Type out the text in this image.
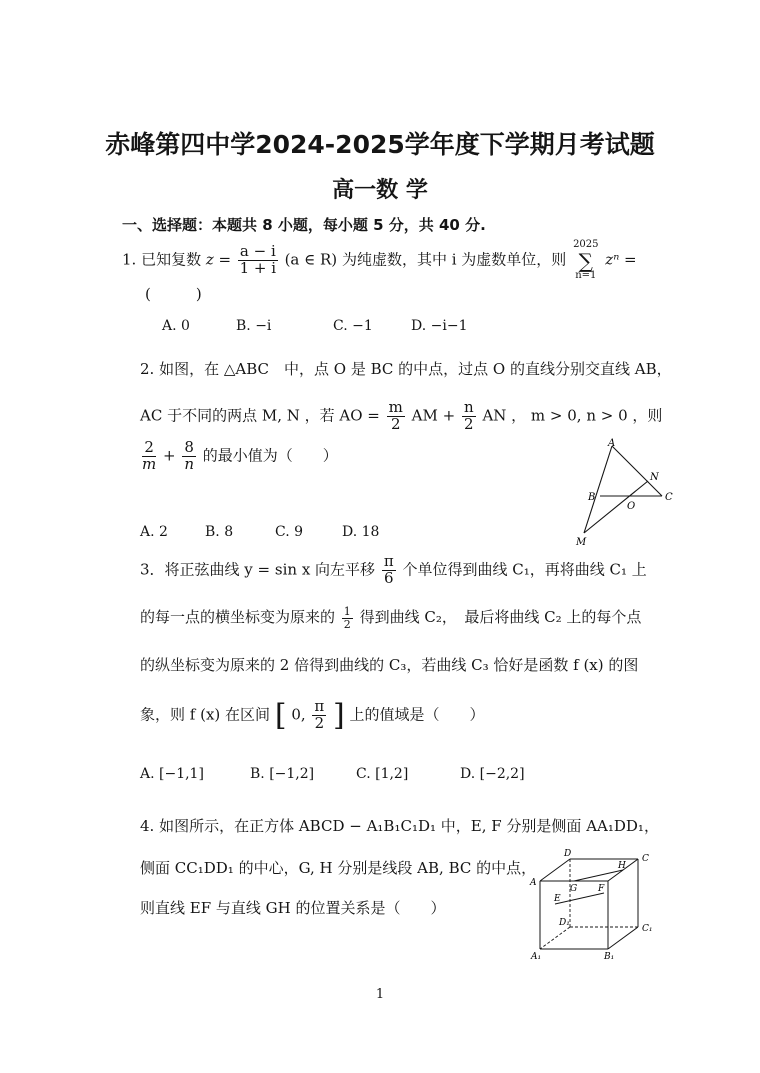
赤峰第四中学2024-2025学年度下学期月考试题
高一数 学
一、选择题：本题共 8 小题，每小题 5 分，共 40 分.
1. 已知复数 $z = \frac{a - i}{1 + i} (a$ ∈ R) 为纯虚数，其中 i 为虚数单位，则
2025
∑
n=1
zⁿ =
(　　　)
A. 0	B. −i	C. −1	D. −i−1
2. 如图，在 △ABC　中，点 O 是 BC 的中点，过点 O 的直线分别交直线 AB，
AC 于不同的两点 M, N ，若 AO = $\frac{m}{2}$ AM + $\frac{n}{2}$ AN ， m > 0, n > 0 ，则
$\frac{2}{m} + \frac{8}{n}$ 的最小值为（　　）
A
N
C
B
O
M
A. 2	B. 8	C. 9	D. 18
3．将正弦曲线 y = sin x 向左平移 $\frac{\pi}{6}$ 个单位得到曲线 C₁，再将曲线 C₁ 上
的每一点的横坐标变为原来的 $\frac{1}{2}$ 得到曲线 C₂，　最后将曲线 C₂ 上的每个点
的纵坐标变为原来的 2 倍得到曲线的 C₃，若曲线 C₃ 恰好是函数 f (x) 的图
象，则 f (x) 在区间 [ 0, $\frac{\pi}{2}$ ] 上的值域是（　　）
A. [−1,1]	B. [−1,2]	C. [1,2]	D. [−2,2]
4. 如图所示，在正方体 ABCD − A₁B₁C₁D₁ 中，E, F 分别是侧面 AA₁DD₁，
侧面 CC₁DD₁ 的中心，G, H 分别是线段 AB, BC 的中点，
则直线 EF 与直线 GH 的位置关系是（　　）
D
H
C
A
G F
E
D₁
C₁
A₁	B₁
1
